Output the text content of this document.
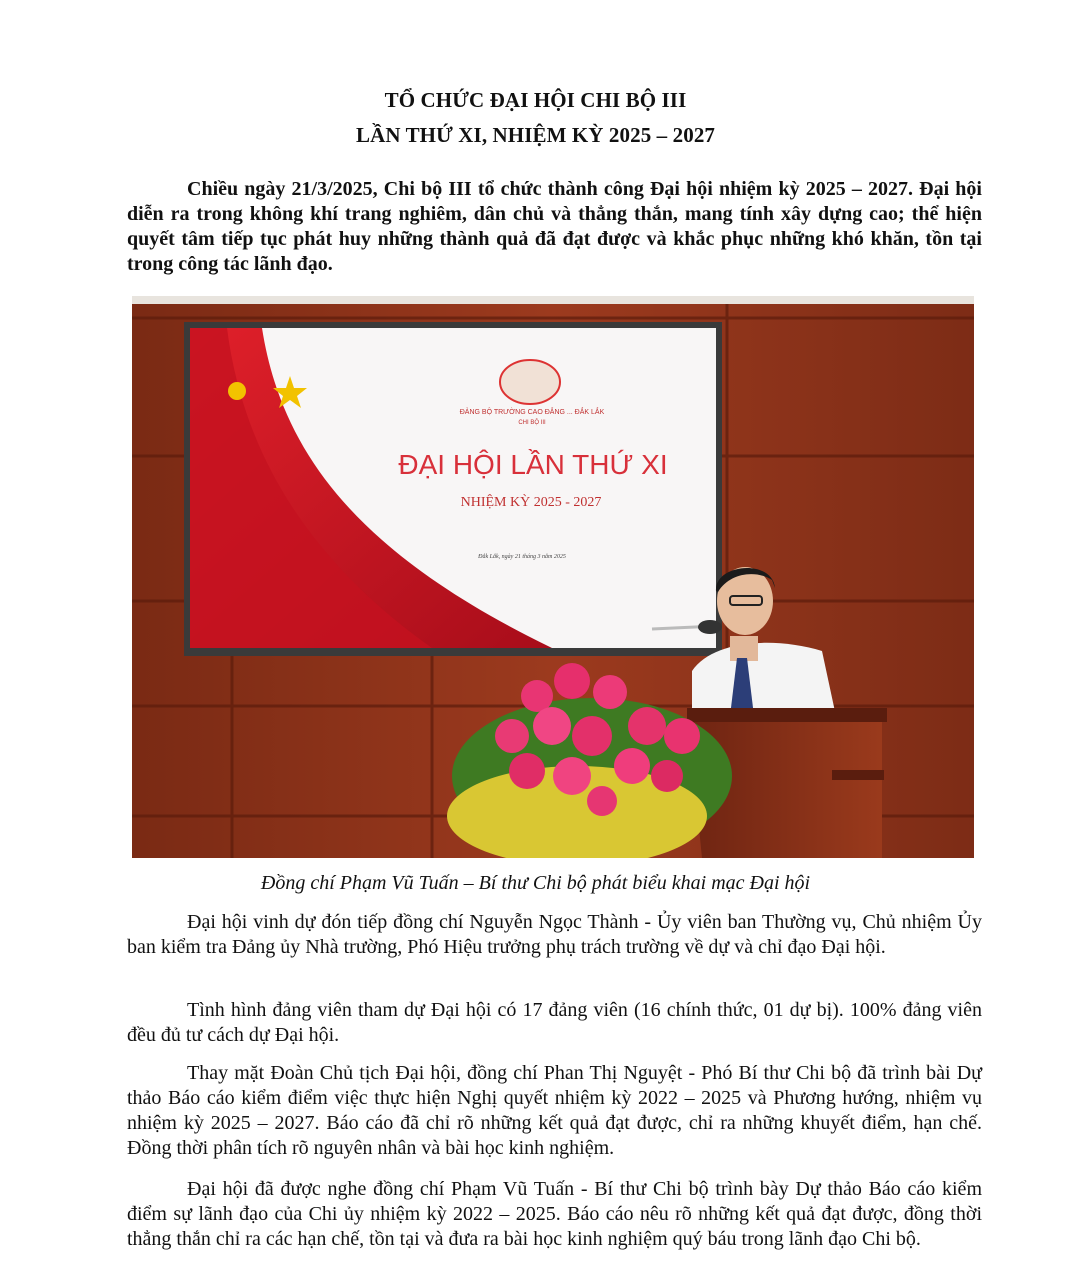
TỔ CHỨC ĐẠI HỘI CHI BỘ III
LẦN THỨ XI, NHIỆM KỲ 2025 – 2027

Chiều ngày 21/3/2025, Chi bộ III tổ chức thành công Đại hội nhiệm kỳ 2025 – 2027. Đại hội diễn ra trong không khí trang nghiêm, dân chủ và thẳng thắn, mang tính xây dựng cao; thể hiện quyết tâm tiếp tục phát huy những thành quả đã đạt được và khắc phục những khó khăn, tồn tại trong công tác lãnh đạo.

ĐẢNG BỘ TRƯỜNG CAO ĐẲNG ... ĐẮK LẮK
CHI BỘ III
ĐẠI HỘI LẦN THỨ XI
NHIỆM KỲ 2025 - 2027
Đắk Lắk, ngày 21 tháng 3 năm 2025
Đồng chí Phạm Vũ Tuấn – Bí thư Chi bộ phát biểu khai mạc Đại hội

Đại hội vinh dự đón tiếp đồng chí Nguyễn Ngọc Thành - Ủy viên ban Thường vụ, Chủ nhiệm Ủy ban kiểm tra Đảng ủy Nhà trường, Phó Hiệu trưởng phụ trách trường về dự và chỉ đạo Đại hội.

Tình hình đảng viên tham dự Đại hội có 17 đảng viên (16 chính thức, 01 dự bị). 100% đảng viên đều đủ tư cách dự Đại hội.

Thay mặt Đoàn Chủ tịch Đại hội, đồng chí Phan Thị Nguyệt - Phó Bí thư Chi bộ đã trình bài Dự thảo Báo cáo kiểm điểm việc thực hiện Nghị quyết nhiệm kỳ 2022 – 2025 và Phương hướng, nhiệm vụ nhiệm kỳ 2025 – 2027. Báo cáo đã chỉ rõ những kết quả đạt được, chỉ ra những khuyết điểm, hạn chế. Đồng thời phân tích rõ nguyên nhân và bài học kinh nghiệm.

Đại hội đã được nghe đồng chí Phạm Vũ Tuấn - Bí thư Chi bộ trình bày Dự thảo Báo cáo kiểm điểm sự lãnh đạo của Chi ủy nhiệm kỳ 2022 – 2025. Báo cáo nêu rõ những kết quả đạt được, đồng thời thẳng thắn chỉ ra các hạn chế, tồn tại và đưa ra bài học kinh nghiệm quý báu trong lãnh đạo Chi bộ.
